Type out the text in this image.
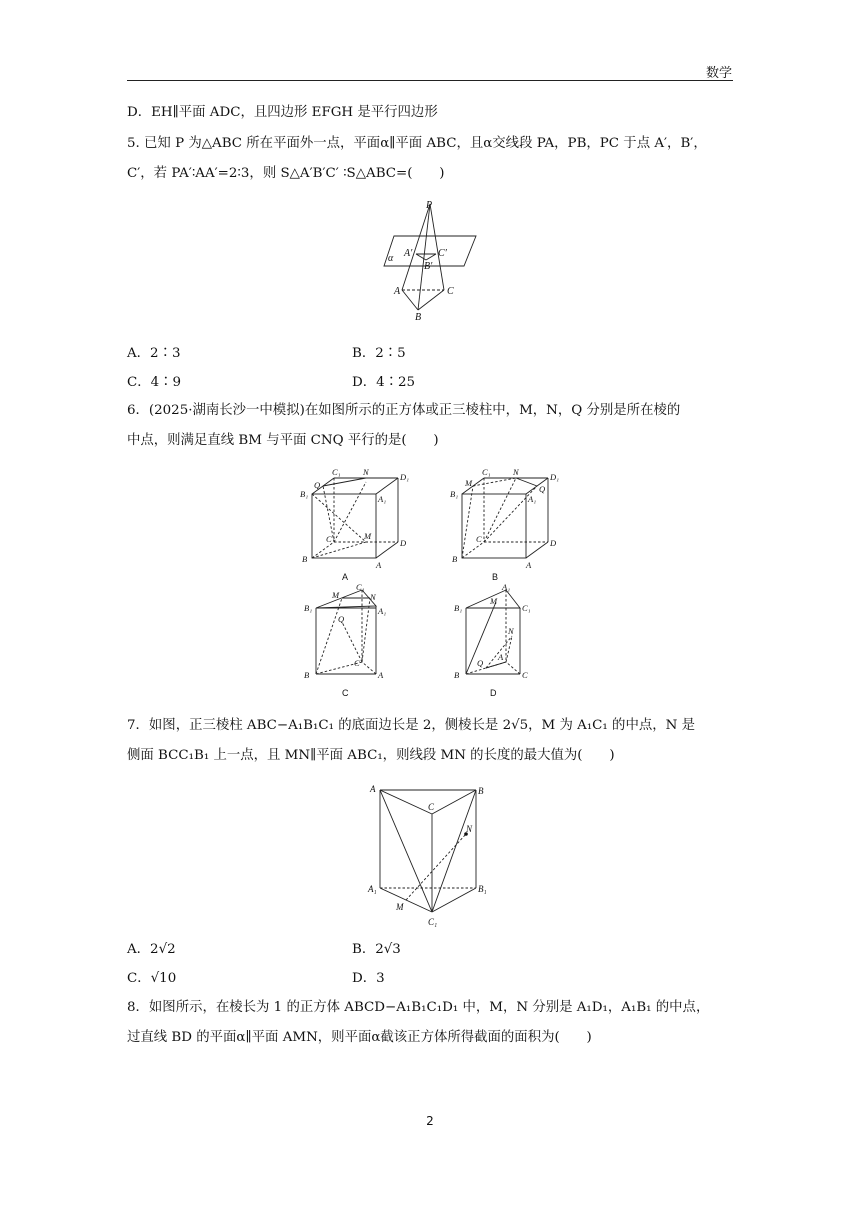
数学
D．EH∥平面 ADC，且四边形 EFGH 是平行四边形
5. 已知 P 为△ABC 所在平面外一点，平面α∥平面 ABC，且α交线段 PA，PB，PC 于点 A′，B′，
C′，若 PA′∶AA′=2∶3，则 S△A′B′C′ ∶S△ABC=(　　)
P
A′	C′
B′
α
A	C
B
A．2∶3	B．2∶5
C．4∶9	D．4∶25
6．(2025·湖南长沙一中模拟)在如图所示的正方体或正三棱柱中，M，N，Q 分别是所在棱的
中点，则满足直线 BM 与平面 CNQ 平行的是(　　)
C₁	N	D₁
B₁
Q
A₁
M
C	D
B
A
A
C₁	N	D₁
B₁
M
Q
A₁
C	D
B
A
B
C₁
M	N
B₁	A₁
Q
C
B	A
C
A₁
B₁	C₁
M
N
Q
A
B	C
D
7．如图，正三棱柱 ABC−A₁B₁C₁ 的底面边长是 2，侧棱长是 2√5，M 为 A₁C₁ 的中点，N 是
侧面 BCC₁B₁ 上一点，且 MN∥平面 ABC₁，则线段 MN 的长度的最大值为(　　)
A	B
C
N
A₁	B₁
M
C₁
A．2√2	B．2√3
C．√10	D．3
8．如图所示，在棱长为 1 的正方体 ABCD−A₁B₁C₁D₁ 中，M，N 分别是 A₁D₁，A₁B₁ 的中点，
过直线 BD 的平面α∥平面 AMN，则平面α截该正方体所得截面的面积为(　　)
2
